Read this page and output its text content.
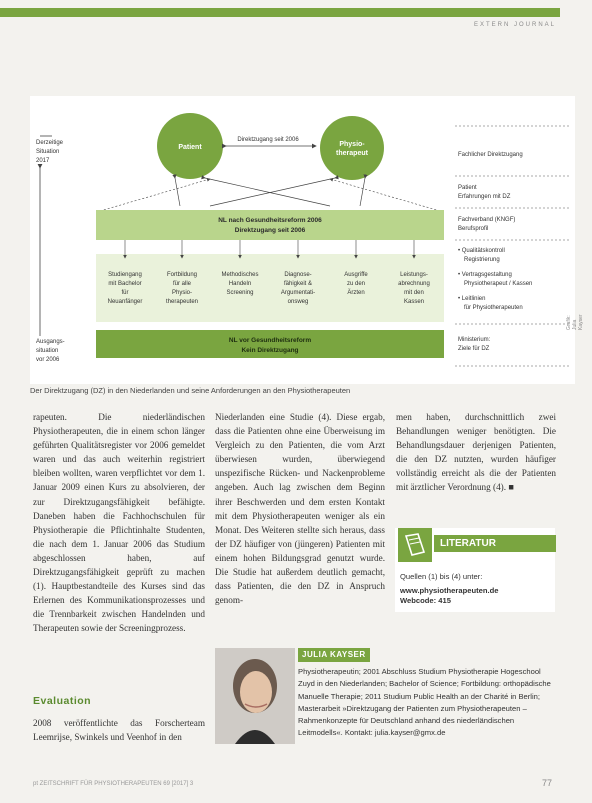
EXTERN JOURNAL
Derzeitige
Situation
2017
Ausgangs-
situation
vor 2006
Patient	Physio-
therapeut
Direktzugang seit 2006
NL nach Gesundheitsreform 2006
Direktzugang seit 2006
Studiengang
mit Bachelor
für
Neuanfänger
Fortbildung
für alle
Physio-
therapeuten
Methodisches
Handeln
Screening
Diagnose-
fähigkeit &
Argumentati-
onsweg
Ausgriffe
zu den
Ärzten
Leistungs-
abrechnung
mit den
Kassen
NL vor Gesundheitsreform
Kein Direktzugang
Fachlicher Direktzugang
Patient
Erfahrungen mit DZ
Fachverband (KNGF)
Berufsprofil
• Qualitätskontroll
Registrierung
• Vertragsgestaltung
Physiotherapeut / Kassen
• Leitlinien
für Physiotherapeuten
Ministerium:
Ziele für DZ
Grafik: Julia Kayser
Der Direktzugang (DZ) in den Niederlanden und seine Anforderungen an den Physiotherapeuten

rapeuten. Die niederländischen Physiotherapeuten, die in einem schon länger geführten Qualitätsregister vor 2006 gemeldet waren und das auch weiterhin registriert bleiben wollten, waren verpflichtet vor dem 1. Januar 2009 einen Kurs zu absolvieren, der zur Direktzugangsfähigkeit befähigte. Daneben haben die Fachhochschulen für Physiotherapie die Pflichtinhalte Studenten, die nach dem 1. Januar 2006 das Studium abgeschlossen haben, auf Direktzugangsfähigkeit geprüft zu machen (1). Hauptbestandteile des Kurses sind das Erlernen des Kommunikationsprozesses und die Trennbarkeit zwischen Handelnden und Therapeuten sowie der Screeningprozess.

Evaluation

2008 veröffentlichte das Forscherteam Leemrijse, Swinkels und Veenhof in den

Niederlanden eine Studie (4). Diese ergab, dass die Patienten ohne eine Überweisung im Vergleich zu den Patienten, die vom Arzt überwiesen wurden, überwiegend unspezifische Rücken- und Nackenprobleme angeben. Auch lag zwischen dem Beginn ihrer Beschwerden und dem ersten Kontakt mit dem Physiotherapeuten weniger als ein Monat. Des Weiteren stellte sich heraus, dass der DZ häufiger von (jüngeren) Patienten mit einem hohen Bildungsgrad genutzt wurde. Die Studie hat außerdem deutlich gemacht, dass Patienten, die den DZ in Anspruch genom-

men haben, durchschnittlich zwei Behandlungen weniger benötigten. Die Behandlungsdauer derjenigen Patienten, die den DZ nutzten, wurden häufiger vollständig erreicht als die der Patienten mit ärztlicher Verordnung (4). ■

LITERATUR
Quellen (1) bis (4) unter:
www.physiotherapeuten.de
Webcode: 415
JULIA KAYSER
Physiotherapeutin; 2001 Abschluss Studium Physiotherapie Hogeschool Zuyd in den Niederlanden; Bachelor of Science; Fortbildung: orthopädische Manuelle Therapie; 2011 Studium Public Health an der Charité in Berlin; Masterarbeit »Direktzugang der Patienten zum Physiotherapeuten – Rahmenkonzepte für Deutschland anhand des niederländischen Leitmodells«. Kontakt: julia.kayser@gmx.de
pt ZEITSCHRIFT FÜR PHYSIOTHERAPEUTEN 69 [2017] 3	77
